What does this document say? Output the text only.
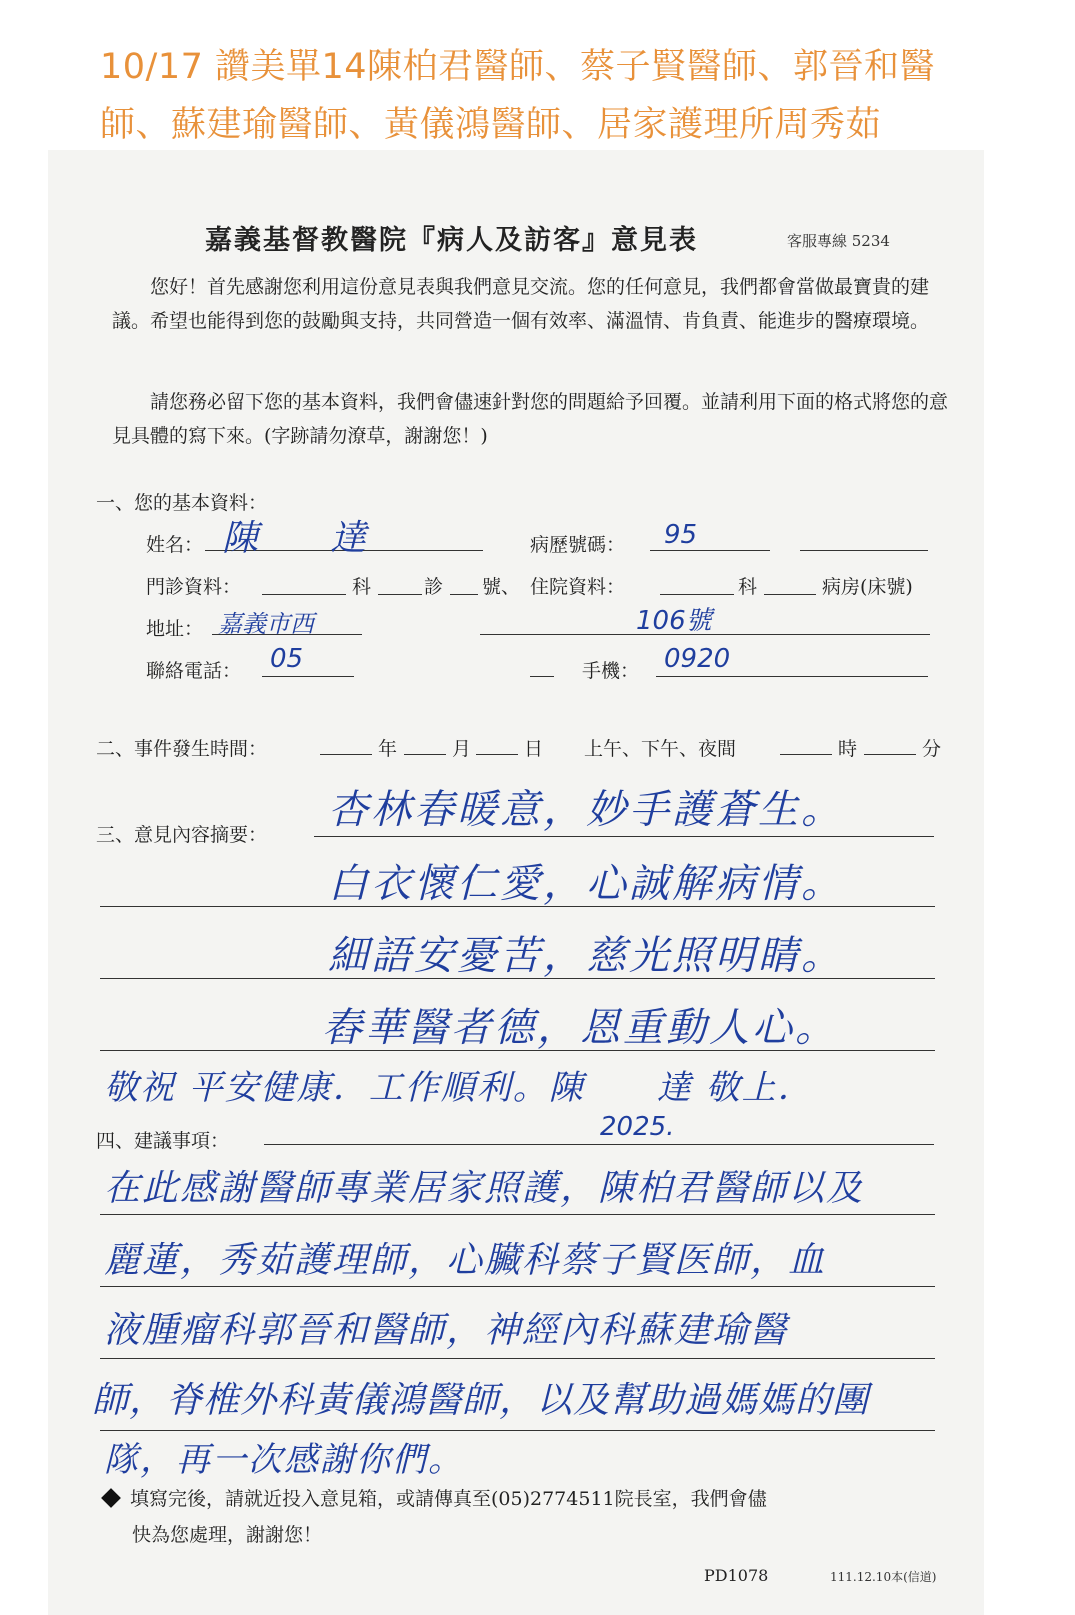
10/17 讚美單14陳柏君醫師、蔡子賢醫師、郭晉和醫
師、蘇建瑜醫師、黃儀鴻醫師、居家護理所周秀茹
嘉義基督教醫院『病人及訪客』意見表	客服專線 5234
您好！首先感謝您利用這份意見表與我們意見交流。您的任何意見，我們都會當做最寶貴的建議。希望也能得到您的鼓勵與支持，共同營造一個有效率、滿溫情、肯負責、能進步的醫療環境。
請您務必留下您的基本資料，我們會儘速針對您的問題給予回覆。並請利用下面的格式將您的意見具體的寫下來。(字跡請勿潦草，謝謝您！)
一、您的基本資料：
姓名： 陳　　達	病歷號碼： 95
門診資料：	科	診 號、 住院資料：	科	病房(床號)
地址： 嘉義市西	106號
聯絡電話： 05	手機： 0920
二、事件發生時間：	年	月	日 上午、下午、夜間	時	分
三、意見內容摘要：
杏林春暖意，妙手護蒼生。
白衣懷仁愛，心誠解病情。
細語安憂苦，慈光照明睛。
舂華醫者德，恩重動人心。
敬祝 平安健康．工作順利。陳　　達 敬上．
四、建議事項：	2025.
在此感謝醫師專業居家照護，陳柏君醫師以及
麗蓮，秀茹護理師，心臟科蔡子賢医師，血
液腫瘤科郭晉和醫師，神經內科蘇建瑜醫
師，脊椎外科黃儀鴻醫師，以及幫助過媽媽的團
隊，再一次感謝你們。
填寫完後，請就近投入意見箱，或請傳真至(05)2774511院長室，我們會儘
快為您處理，謝謝您！
PD1078	111.12.10本(信道)
